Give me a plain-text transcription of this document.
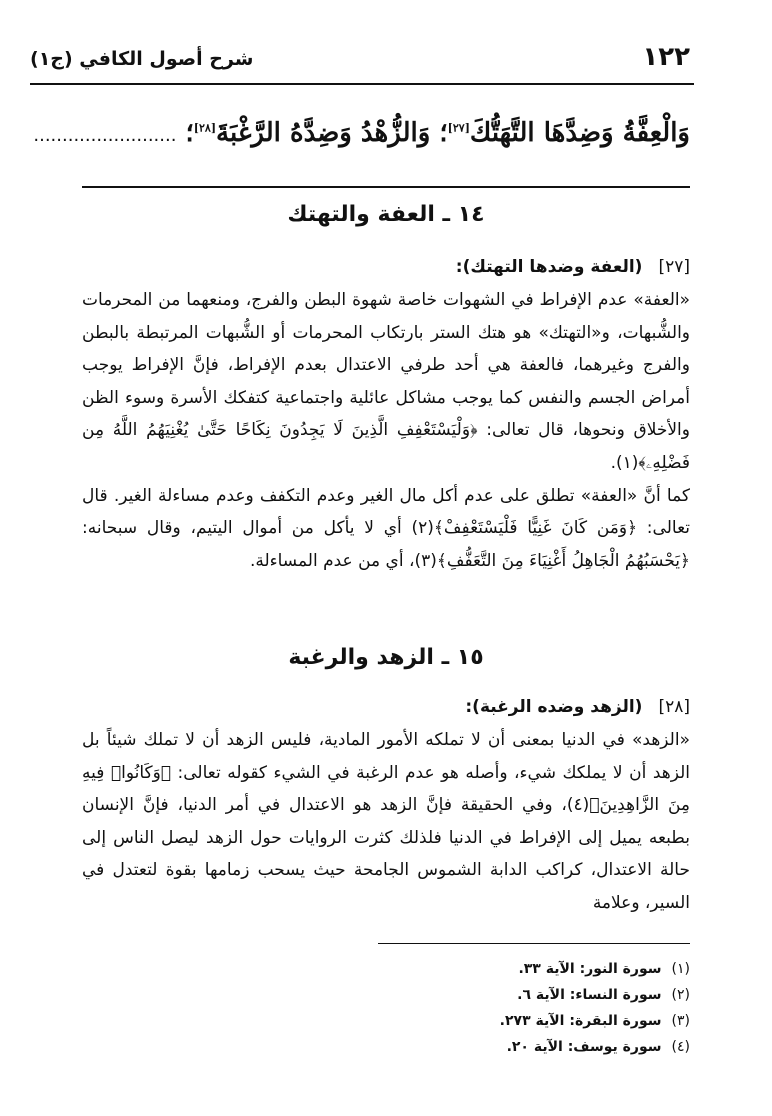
١٢٢
شرح أصول الكافي (ج١)
وَالْعِفَّةُ وَضِدَّهَا التَّهَتُّكَ[٢٧]؛ وَالزُّهْدُ وَضِدَّهُ الرَّغْبَةَ[٢٨]؛ .........................
١٤ ـ العفة والتهتك
[٢٧](العفة وضدها التهتك):

«العفة» عدم الإفراط في الشهوات خاصة شهوة البطن والفرج، ومنعهما من المحرمات والشُّبهات، و«التهتك» هو هتك الستر بارتكاب المحرمات أو الشُّبهات المرتبطة بالبطن والفرج وغيرهما، فالعفة هي أحد طرفي الاعتدال بعدم الإفراط، فإنَّ الإفراط يوجب أمراض الجسم والنفس كما يوجب مشاكل عائلية واجتماعية كتفكك الأسرة وسوء الظن والأخلاق ونحوها، قال تعالى: ﴿وَلْيَسْتَعْفِفِ الَّذِينَ لَا يَجِدُونَ نِكَاحًا حَتَّىٰ يُغْنِيَهُمُ اللَّهُ مِن فَضْلِهِۦ﴾(١).

كما أنَّ «العفة» تطلق على عدم أكل مال الغير وعدم التكفف وعدم مساءلة الغير. قال تعالى: ﴿وَمَن كَانَ غَنِيًّا فَلْيَسْتَعْفِفْ﴾(٢) أي لا يأكل من أموال اليتيم، وقال سبحانه: ﴿يَحْسَبُهُمُ الْجَاهِلُ أَغْنِيَاءَ مِنَ التَّعَفُّفِ﴾(٣)، أي من عدم المساءلة.

١٥ ـ الزهد والرغبة
[٢٨](الزهد وضده الرغبة):

«الزهد» في الدنيا بمعنى أن لا تملكه الأمور المادية، فليس الزهد أن لا تملك شيئاً بل الزهد أن لا يملكك شيء، وأصله هو عدم الرغبة في الشيء كقوله تعالى: ﴿وَكَانُوا۟ فِيهِ مِنَ الزَّاهِدِينَ﴾(٤)، وفي الحقيقة فإنَّ الزهد هو الاعتدال في أمر الدنيا، فإنَّ الإنسان بطبعه يميل إلى الإفراط في الدنيا فلذلك كثرت الروايات حول الزهد ليصل الناس إلى حالة الاعتدال، كراكب الدابة الشموس الجامحة حيث يسحب زمامها بقوة لتعتدل في السير، وعلامة

(١)سورة النور: الآية ٣٣.
(٢)سورة النساء: الآية ٦.
(٣)سورة البقرة: الآية ٢٧٣.
(٤)سورة يوسف: الآية ٢٠.
